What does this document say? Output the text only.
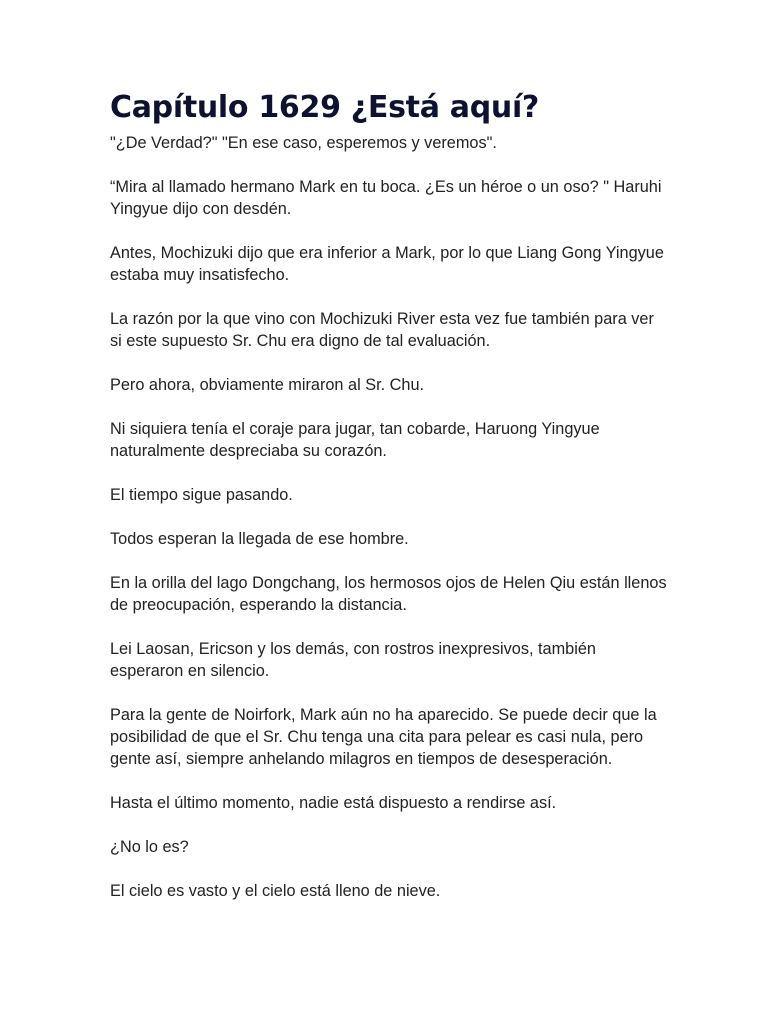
Capítulo 1629 ¿Está aquí?

"¿De Verdad?" "En ese caso, esperemos y veremos".

“Mira al llamado hermano Mark en tu boca. ¿Es un héroe o un oso? " Haruhi Yingyue dijo con desdén.

Antes, Mochizuki dijo que era inferior a Mark, por lo que Liang Gong Yingyue estaba muy insatisfecho.

La razón por la que vino con Mochizuki River esta vez fue también para ver si este supuesto Sr. Chu era digno de tal evaluación.

Pero ahora, obviamente miraron al Sr. Chu.

Ni siquiera tenía el coraje para jugar, tan cobarde, Haruong Yingyue naturalmente despreciaba su corazón.

El tiempo sigue pasando.

Todos esperan la llegada de ese hombre.

En la orilla del lago Dongchang, los hermosos ojos de Helen Qiu están llenos de preocupación, esperando la distancia.

Lei Laosan, Ericson y los demás, con rostros inexpresivos, también esperaron en silencio.

Para la gente de Noirfork, Mark aún no ha aparecido. Se puede decir que la posibilidad de que el Sr. Chu tenga una cita para pelear es casi nula, pero gente así, siempre anhelando milagros en tiempos de desesperación.

Hasta el último momento, nadie está dispuesto a rendirse así.

¿No lo es?

El cielo es vasto y el cielo está lleno de nieve.
